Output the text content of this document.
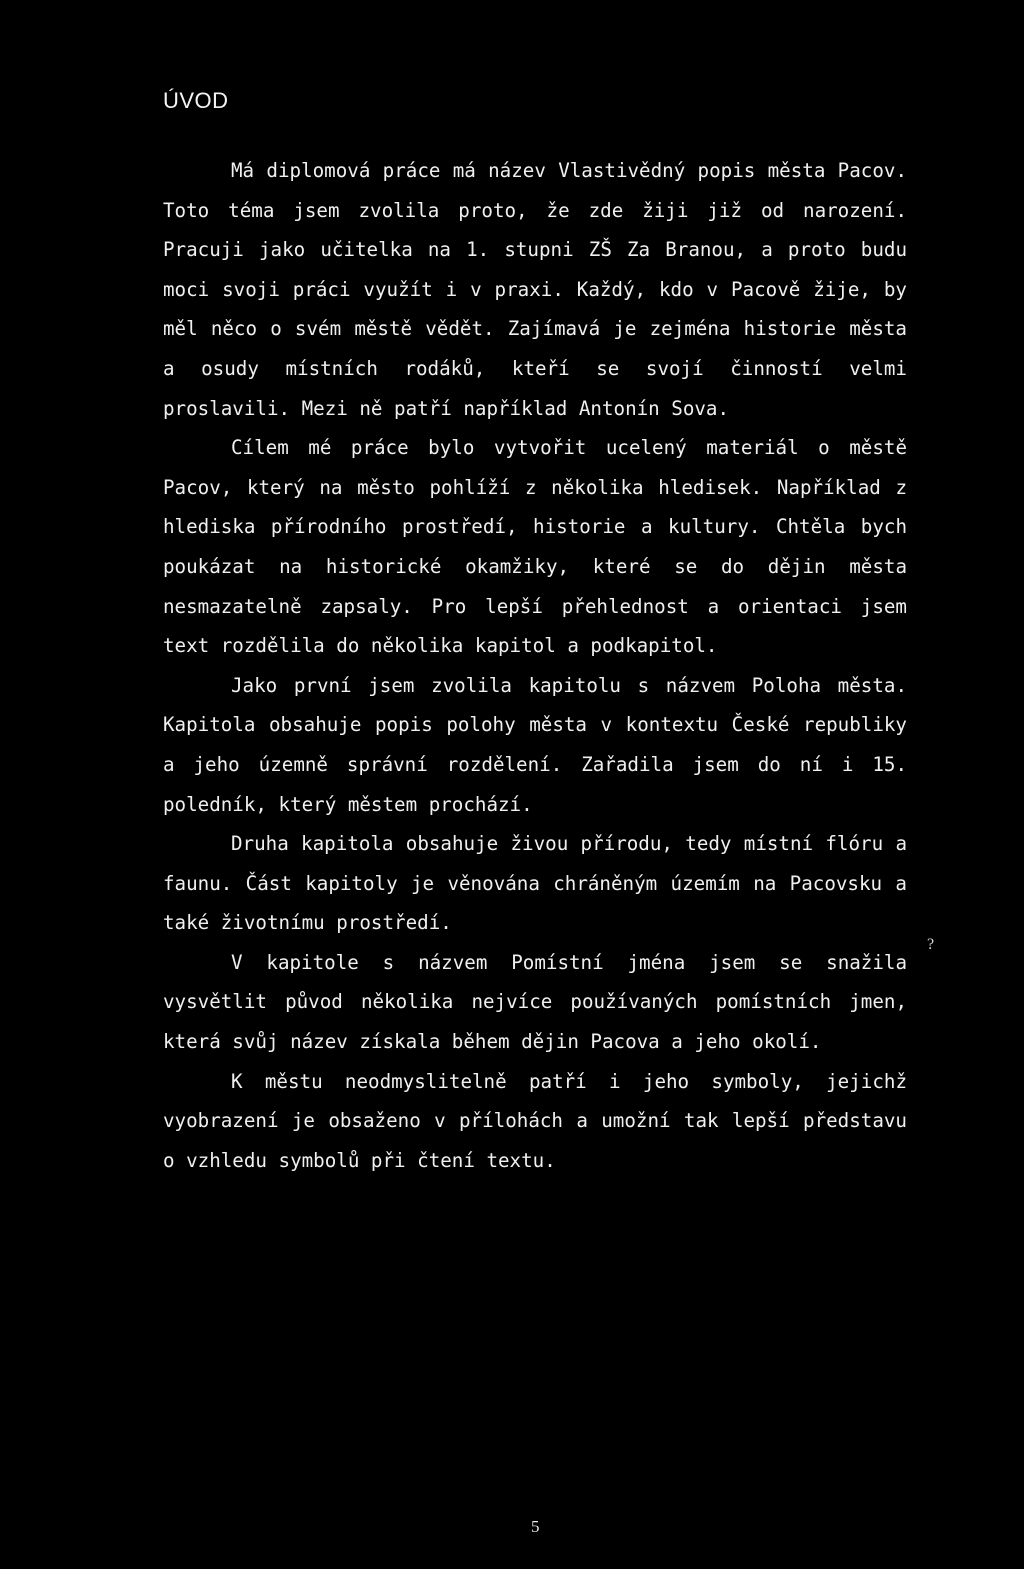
ÚVOD

Má diplomová práce má název Vlastivědný popis města Pacov. Toto téma jsem zvolila proto, že zde žiji již od narození. Pracuji jako učitelka na 1. stupni ZŠ Za Branou, a proto budu moci svoji práci využít i v praxi. Každý, kdo v Pacově žije, by měl něco o svém městě vědět. Zajímavá je zejména historie města a osudy místních rodáků, kteří se svojí činností velmi proslavili. Mezi ně patří například Antonín Sova.

Cílem mé práce bylo vytvořit ucelený materiál o městě Pacov, který na město pohlíží z několika hledisek. Například z hlediska přírodního prostředí, historie a kultury. Chtěla bych poukázat na historické okamžiky, které se do dějin města nesmazatelně zapsaly. Pro lepší přehlednost a orientaci jsem text rozdělila do několika kapitol a podkapitol.

Jako první jsem zvolila kapitolu s názvem Poloha města. Kapitola obsahuje popis polohy města v kontextu České republiky a jeho územně správní rozdělení. Zařadila jsem do ní i 15. poledník, který městem prochází.

Druha kapitola obsahuje živou přírodu, tedy místní flóru a faunu. Část kapitoly je věnována chráněným územím na Pacovsku a také životnímu prostředí.

V kapitole s názvem Pomístní jména jsem se snažila vysvětlit původ několika nejvíce používaných pomístních jmen, která svůj název získala během dějin Pacova a jeho okolí.

K městu neodmyslitelně patří i jeho symboly, jejichž vyobrazení je obsaženo v přílohách a umožní tak lepší představu o vzhledu symbolů při čtení textu.

?
5
